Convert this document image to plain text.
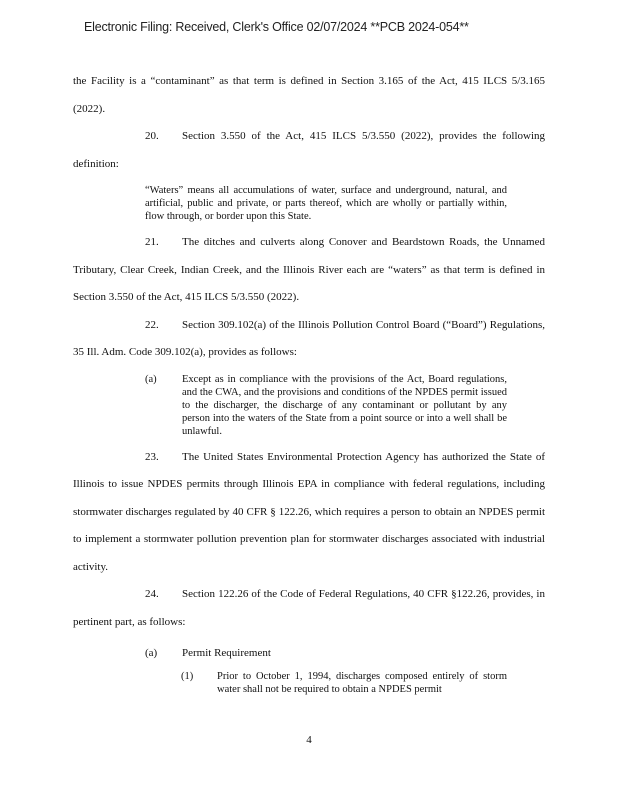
Electronic Filing: Received, Clerk's Office 02/07/2024 **PCB 2024-054**

the Facility is a “contaminant” as that term is defined in Section 3.165 of the Act, 415 ILCS 5/3.165 (2022).

20. Section 3.550 of the Act, 415 ILCS 5/3.550 (2022), provides the following definition:

“Waters” means all accumulations of water, surface and underground, natural, and artificial, public and private, or parts thereof, which are wholly or partially within, flow through, or border upon this State.

21. The ditches and culverts along Conover and Beardstown Roads, the Unnamed Tributary, Clear Creek, Indian Creek, and the Illinois River each are “waters” as that term is defined in Section 3.550 of the Act, 415 ILCS 5/3.550 (2022).

22. Section 309.102(a) of the Illinois Pollution Control Board (“Board”) Regulations, 35 Ill. Adm. Code 309.102(a), provides as follows:

(a)	Except as in compliance with the provisions of the Act, Board regulations, and the CWA, and the provisions and conditions of the NPDES permit issued to the discharger, the discharge of any contaminant or pollutant by any person into the waters of the State from a point source or into a well shall be unlawful.

23. The United States Environmental Protection Agency has authorized the State of Illinois to issue NPDES permits through Illinois EPA in compliance with federal regulations, including stormwater discharges regulated by 40 CFR § 122.26, which requires a person to obtain an NPDES permit to implement a stormwater pollution prevention plan for stormwater discharges associated with industrial activity.

24. Section 122.26 of the Code of Federal Regulations, 40 CFR §122.26, provides, in pertinent part, as follows:

(a)	Permit Requirement
(1)	Prior to October 1, 1994, discharges composed entirely of storm water shall not be required to obtain a NPDES permit
4
